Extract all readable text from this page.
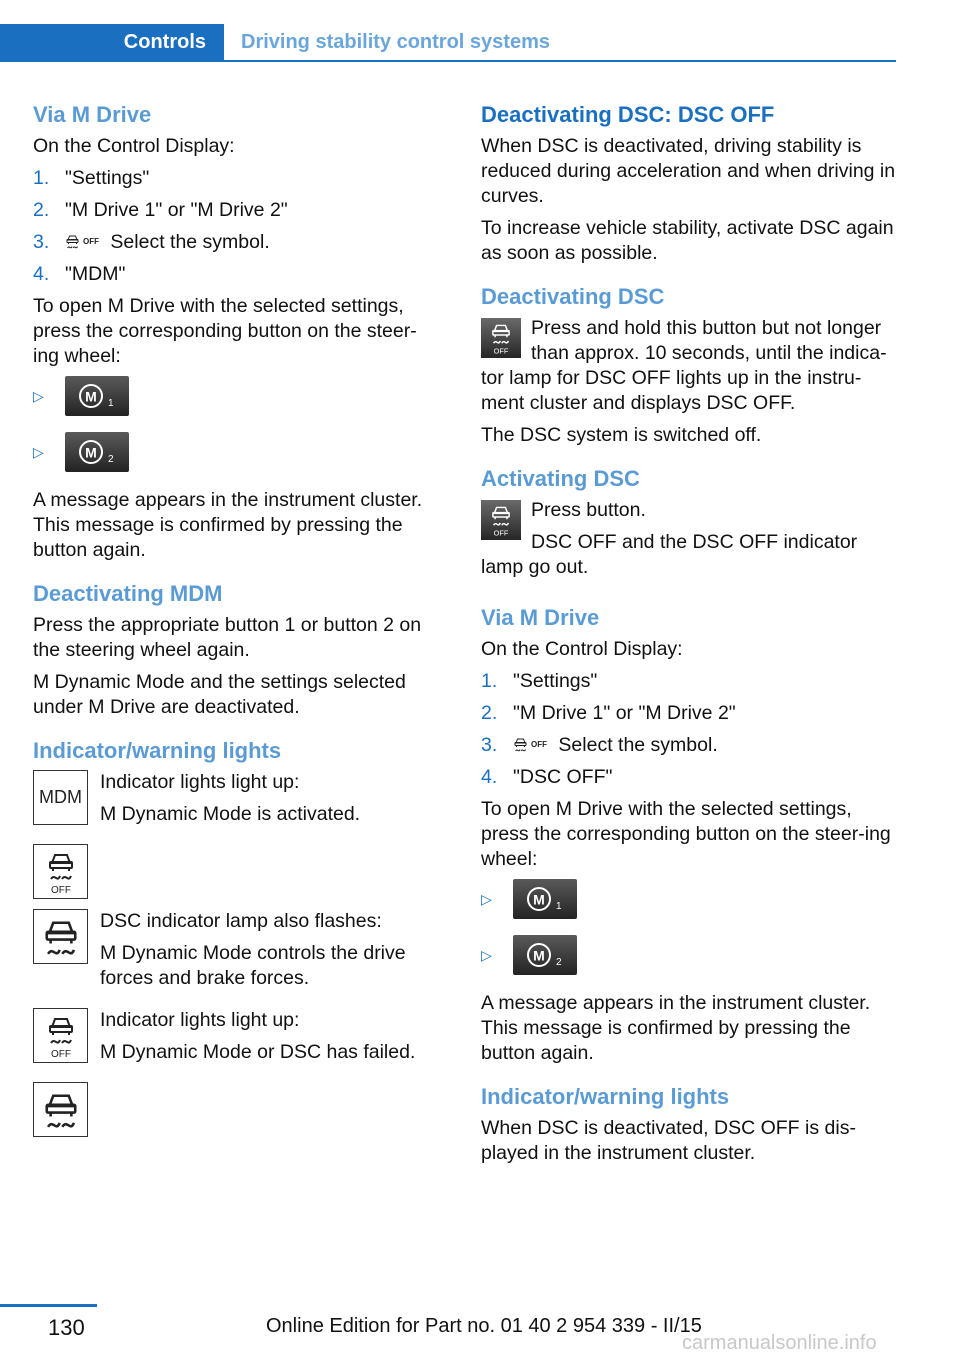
Controls	Driving stability control systems
Via M Drive

On the Control Display:

1. "Settings"
2. "M Drive 1" or "M Drive 2"
3.	OFF Select the symbol.
4. "MDM"

To open M Drive with the selected settings, press the corresponding button on the steer‐ing wheel:

▷	M 1
▷	M 2

A message appears in the instrument cluster. This message is confirmed by pressing the button again.

Deactivating MDM

Press the appropriate button 1 or button 2 on the steering wheel again.

M Dynamic Mode and the settings selected under M Drive are deactivated.

Indicator/warning lights
MDM

Indicator lights light up:

M Dynamic Mode is activated.

OFF

DSC indicator lamp also flashes:

M Dynamic Mode controls the drive forces and brake forces.

OFF

Indicator lights light up:

M Dynamic Mode or DSC has failed.

Deactivating DSC: DSC OFF

When DSC is deactivated, driving stability is reduced during acceleration and when driving in curves.

To increase vehicle stability, activate DSC again as soon as possible.

Deactivating DSC
OFF

Press and hold this button but not longer than approx. 10 seconds, until the indica‐tor lamp for DSC OFF lights up in the instru‐ment cluster and displays DSC OFF.

The DSC system is switched off.

Activating DSC
OFF

Press button.

DSC OFF and the DSC OFF indicator lamp go out.

Via M Drive

On the Control Display:

1. "Settings"
2. "M Drive 1" or "M Drive 2"
3.	OFF Select the symbol.
4. "DSC OFF"

To open M Drive with the selected settings, press the corresponding button on the steer‐ing wheel:

▷	M 1
▷	M 2

A message appears in the instrument cluster. This message is confirmed by pressing the button again.

Indicator/warning lights

When DSC is deactivated, DSC OFF is dis‐played in the instrument cluster.

130	Online Edition for Part no. 01 40 2 954 339 - II/15
carmanualsonline.info
